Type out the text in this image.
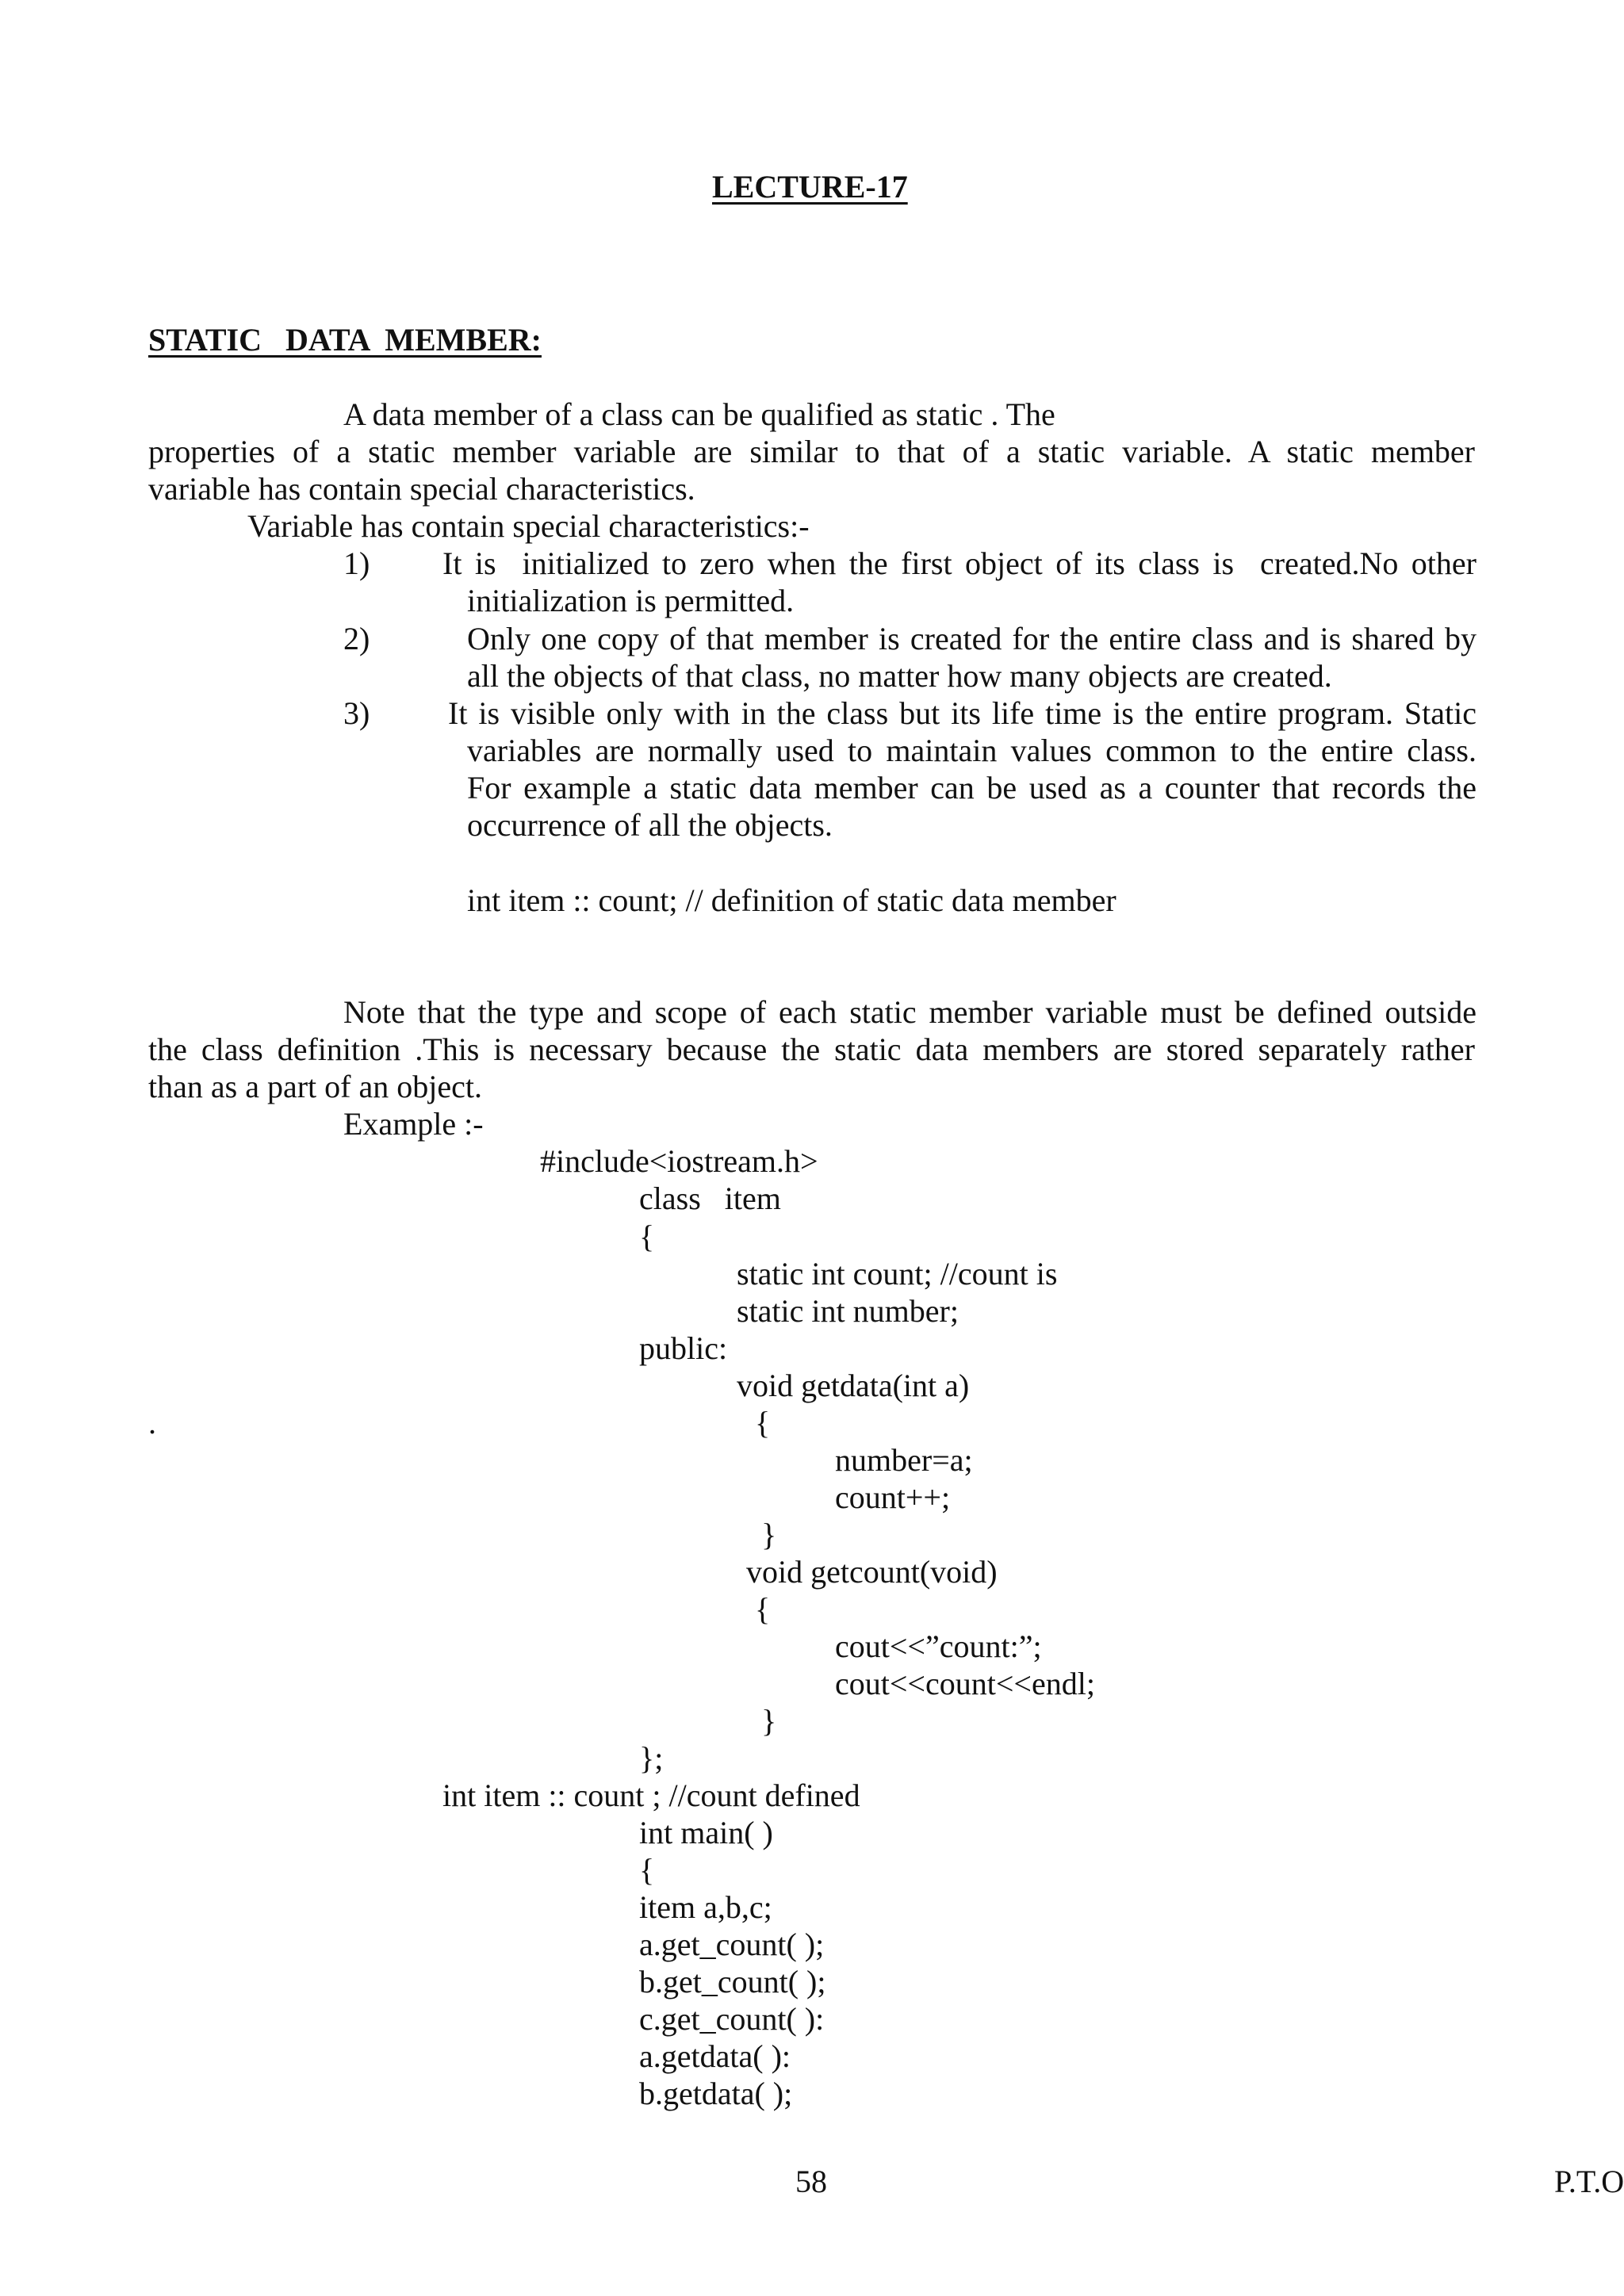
LECTURE-17
STATIC   DATA  MEMBER:
A data member of a class can be qualified as static . The
properties of a static member variable are similar to that of a static variable. A static member
variable has contain special characteristics.
Variable has contain special characteristics:-
1) It is  initialized to zero when the first object of its class is  created.No other
initialization is permitted.
2)	Only one copy of that member is created for the entire class and is shared by
all the objects of that class, no matter how many objects are created.
3) It is visible only with in the class but its life time is the entire program. Static
variables are normally used to maintain values common to the entire class.
For example a static data member can be used as a counter that records the
occurrence of all the objects.
int item :: count; // definition of static data member
Note that the type and scope of each static member variable must be defined outside
the class definition .This is necessary because the static data members are stored separately rather
than as a part of an object.
Example :-
#include<iostream.h>
class   item
{
static int count; //count is
static int number;
public:
void getdata(int a)
.	{
number=a;
count++;
}
void getcount(void)
{
cout<<”count:”;
cout<<count<<endl;
}
};
int item :: count ; //count defined
int main( )
{
item a,b,c;
a.get_count( );
b.get_count( );
c.get_count( ):
a.getdata( ):
b.getdata( );
58	P.T.O
